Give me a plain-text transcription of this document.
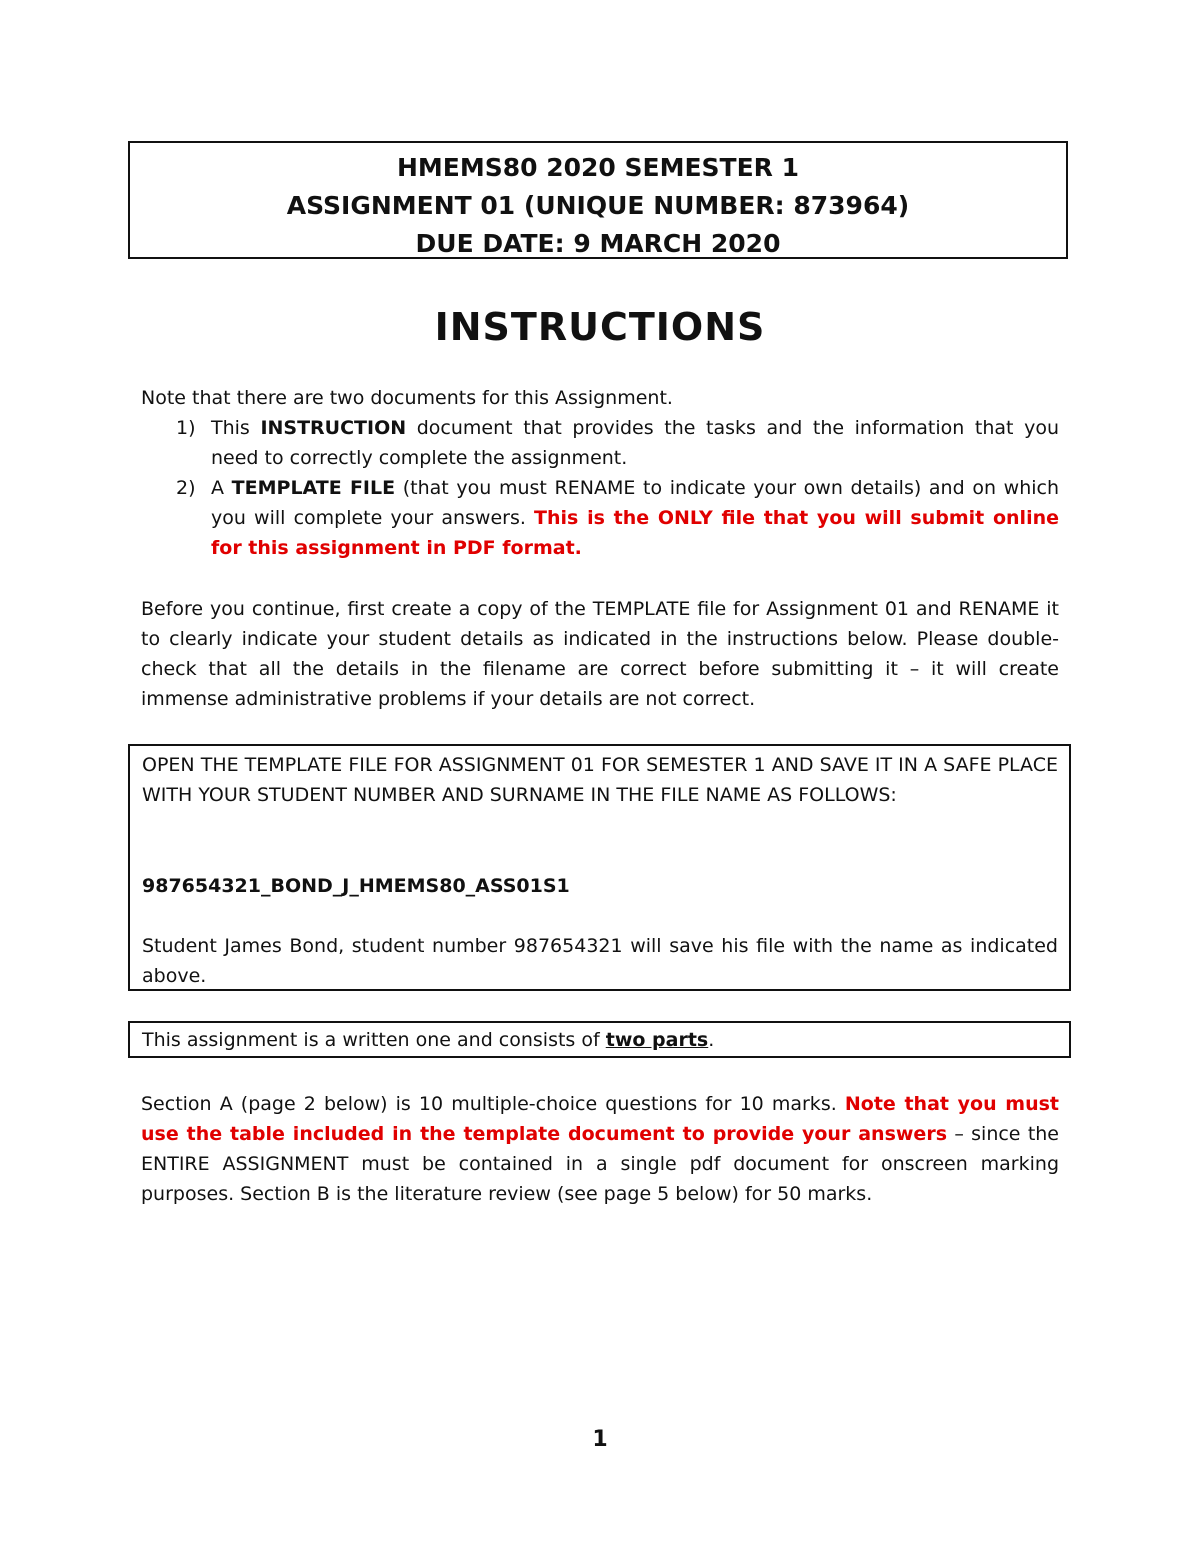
HMEMS80 2020 SEMESTER 1
ASSIGNMENT 01 (UNIQUE NUMBER: 873964)
DUE DATE: 9 MARCH 2020
INSTRUCTIONS
Note that there are two documents for this Assignment.
1) This INSTRUCTION document that provides the tasks and the information that you need to correctly complete the assignment.
2) A TEMPLATE FILE (that you must RENAME to indicate your own details) and on which you will complete your answers. This is the ONLY file that you will submit online for this assignment in PDF format.
Before you continue, first create a copy of the TEMPLATE file for Assignment 01 and RENAME it to clearly indicate your student details as indicated in the instructions below. Please double-check that all the details in the filename are correct before submitting it – it will create immense administrative problems if your details are not correct.
OPEN THE TEMPLATE FILE FOR ASSIGNMENT 01 FOR SEMESTER 1 AND SAVE IT IN A SAFE PLACE WITH YOUR STUDENT NUMBER AND SURNAME IN THE FILE NAME AS FOLLOWS:
987654321_BOND_J_HMEMS80_ASS01S1
Student James Bond, student number 987654321 will save his file with the name as indicated above.
This assignment is a written one and consists of two parts.
Section A (page 2 below) is 10 multiple-choice questions for 10 marks. Note that you must use the table included in the template document to provide your answers – since the ENTIRE ASSIGNMENT must be contained in a single pdf document for onscreen marking purposes. Section B is the literature review (see page 5 below) for 50 marks.
1
